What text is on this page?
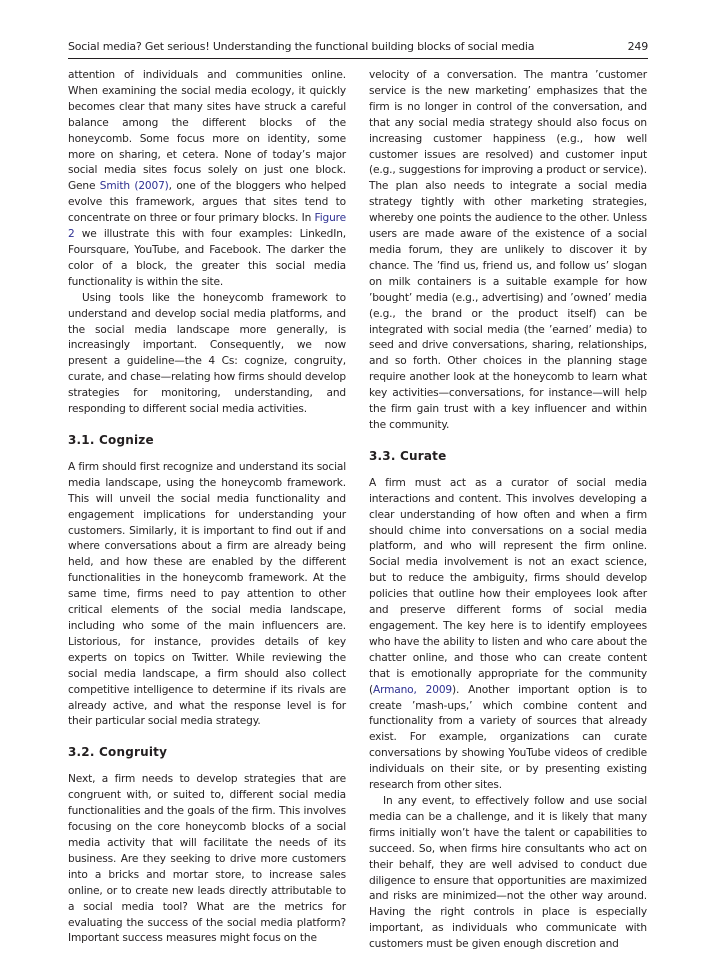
Social media? Get serious! Understanding the functional building blocks of social media	249

attention of individuals and communities online. When examining the social media ecology, it quickly becomes clear that many sites have struck a careful balance among the different blocks of the honeycomb. Some focus more on identity, some more on sharing, et cetera. None of today’s major social media sites focus solely on just one block. Gene Smith (2007), one of the bloggers who helped evolve this framework, argues that sites tend to concentrate on three or four primary blocks. In Figure 2 we illustrate this with four examples: LinkedIn, Foursquare, YouTube, and Facebook. The darker the color of a block, the greater this social media functionality is within the site.

Using tools like the honeycomb framework to understand and develop social media platforms, and the social media landscape more generally, is increasingly important. Consequently, we now present a guideline—the 4 Cs: cognize, congruity, curate, and chase—relating how firms should develop strategies for monitoring, understanding, and responding to different social media activities.

3.1. Cognize

A firm should first recognize and understand its social media landscape, using the honeycomb framework. This will unveil the social media functionality and engagement implications for understanding your customers. Similarly, it is important to find out if and where conversations about a firm are already being held, and how these are enabled by the different functionalities in the honeycomb framework. At the same time, firms need to pay attention to other critical elements of the social media landscape, including who some of the main influencers are. Listorious, for instance, provides details of key experts on topics on Twitter. While reviewing the social media landscape, a firm should also collect competitive intelligence to determine if its rivals are already active, and what the response level is for their particular social media strategy.

3.2. Congruity

Next, a firm needs to develop strategies that are congruent with, or suited to, different social media functionalities and the goals of the firm. This involves focusing on the core honeycomb blocks of a social media activity that will facilitate the needs of its business. Are they seeking to drive more customers into a bricks and mortar store, to increase sales online, or to create new leads directly attributable to a social media tool? What are the metrics for evaluating the success of the social media platform? Important success measures might focus on the

velocity of a conversation. The mantra ’customer service is the new marketing’ emphasizes that the firm is no longer in control of the conversation, and that any social media strategy should also focus on increasing customer happiness (e.g., how well customer issues are resolved) and customer input (e.g., suggestions for improving a product or service). The plan also needs to integrate a social media strategy tightly with other marketing strategies, whereby one points the audience to the other. Unless users are made aware of the existence of a social media forum, they are unlikely to discover it by chance. The ’find us, friend us, and follow us’ slogan on milk containers is a suitable example for how ’bought’ media (e.g., advertising) and ’owned’ media (e.g., the brand or the product itself) can be integrated with social media (the ’earned’ media) to seed and drive conversations, sharing, relationships, and so forth. Other choices in the planning stage require another look at the honeycomb to learn what key activities—conversations, for instance—will help the firm gain trust with a key influencer and within the community.

3.3. Curate

A firm must act as a curator of social media interactions and content. This involves developing a clear understanding of how often and when a firm should chime into conversations on a social media platform, and who will represent the firm online. Social media involvement is not an exact science, but to reduce the ambiguity, firms should develop policies that outline how their employees look after and preserve different forms of social media engagement. The key here is to identify employees who have the ability to listen and who care about the chatter online, and those who can create content that is emotionally appropriate for the community (Armano, 2009). Another important option is to create ’mash-ups,’ which combine content and functionality from a variety of sources that already exist. For example, organizations can curate conversations by showing YouTube videos of credible individuals on their site, or by presenting existing research from other sites.

In any event, to effectively follow and use social media can be a challenge, and it is likely that many firms initially won’t have the talent or capabilities to succeed. So, when firms hire consultants who act on their behalf, they are well advised to conduct due diligence to ensure that opportunities are maximized and risks are minimized—not the other way around. Having the right controls in place is especially important, as individuals who communicate with customers must be given enough discretion and
